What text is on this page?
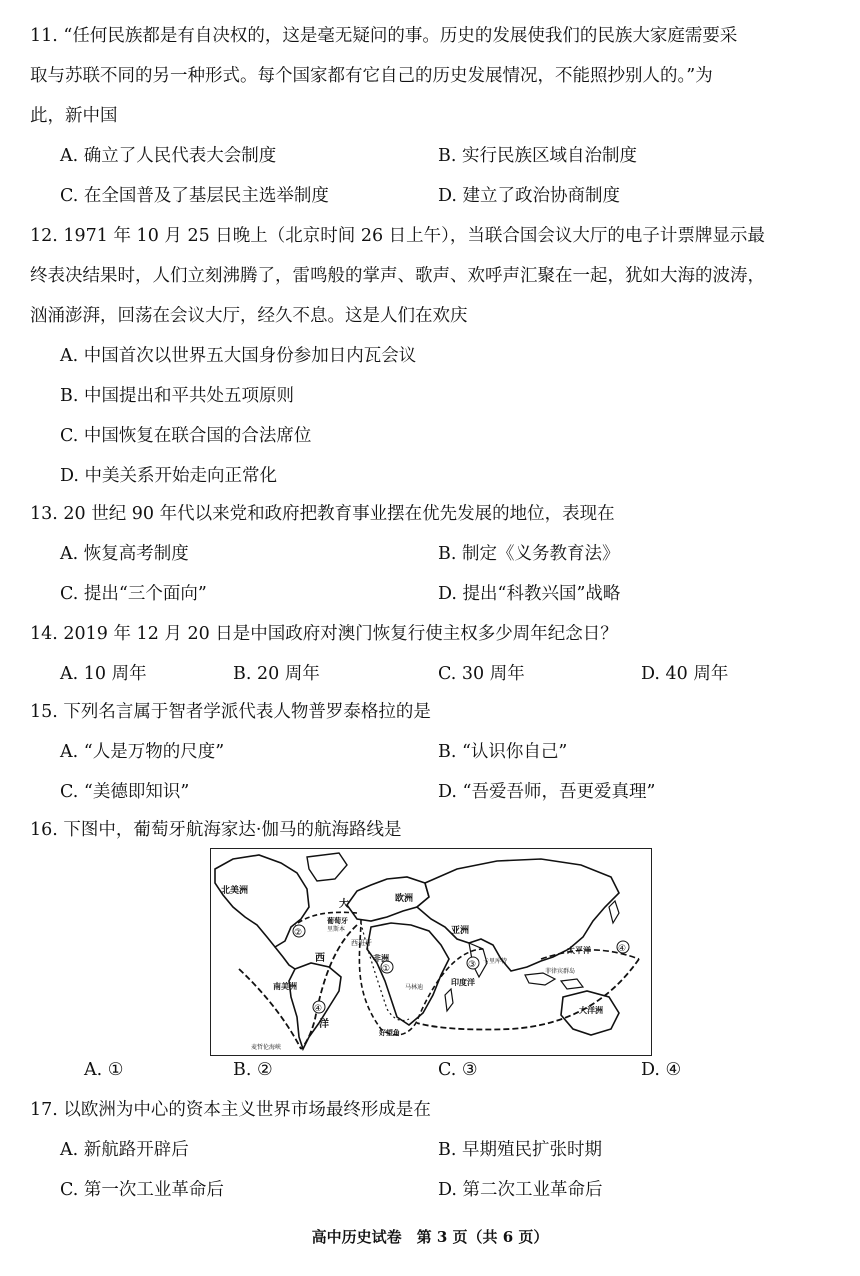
11. “任何民族都是有自决权的，这是毫无疑问的事。历史的发展使我们的民族大家庭需要采
取与苏联不同的另一种形式。每个国家都有它自己的历史发展情况，不能照抄别人的。”为
此，新中国
A. 确立了人民代表大会制度	B. 实行民族区域自治制度
C. 在全国普及了基层民主选举制度	D. 建立了政治协商制度
12. 1971 年 10 月 25 日晚上（北京时间 26 日上午），当联合国会议大厅的电子计票牌显示最
终表决结果时，人们立刻沸腾了，雷鸣般的掌声、歌声、欢呼声汇聚在一起，犹如大海的波涛，
汹涌澎湃，回荡在会议大厅，经久不息。这是人们在欢庆
A. 中国首次以世界五大国身份参加日内瓦会议
B. 中国提出和平共处五项原则
C. 中国恢复在联合国的合法席位
D. 中美关系开始走向正常化
13. 20 世纪 90 年代以来党和政府把教育事业摆在优先发展的地位，表现在
A. 恢复高考制度	B. 制定《义务教育法》
C. 提出“三个面向”	D. 提出“科教兴国”战略
14. 2019 年 12 月 20 日是中国政府对澳门恢复行使主权多少周年纪念日？
A. 10 周年	B. 20 周年	C. 30 周年	D. 40 周年
15. 下列名言属于智者学派代表人物普罗泰格拉的是
A. “人是万物的尺度”	B. “认识你自己”
C. “美德即知识”	D. “吾爱吾师，吾更爱真理”
16. 下图中，葡萄牙航海家达·伽马的航海路线是
北美洲
大
西
洋
葡萄牙
里斯本
西班牙
欧洲
亚洲
非洲
南美洲	马林迪
卡里库特
印度洋
好望角
太平洋
菲律宾群岛
大洋洲
麦哲伦海峡
①
②
③
④
④
A. ①	B. ②	C. ③	D. ④
17. 以欧洲为中心的资本主义世界市场最终形成是在
A. 新航路开辟后	B. 早期殖民扩张时期
C. 第一次工业革命后	D. 第二次工业革命后
高中历史试卷　第 3 页（共 6 页）
